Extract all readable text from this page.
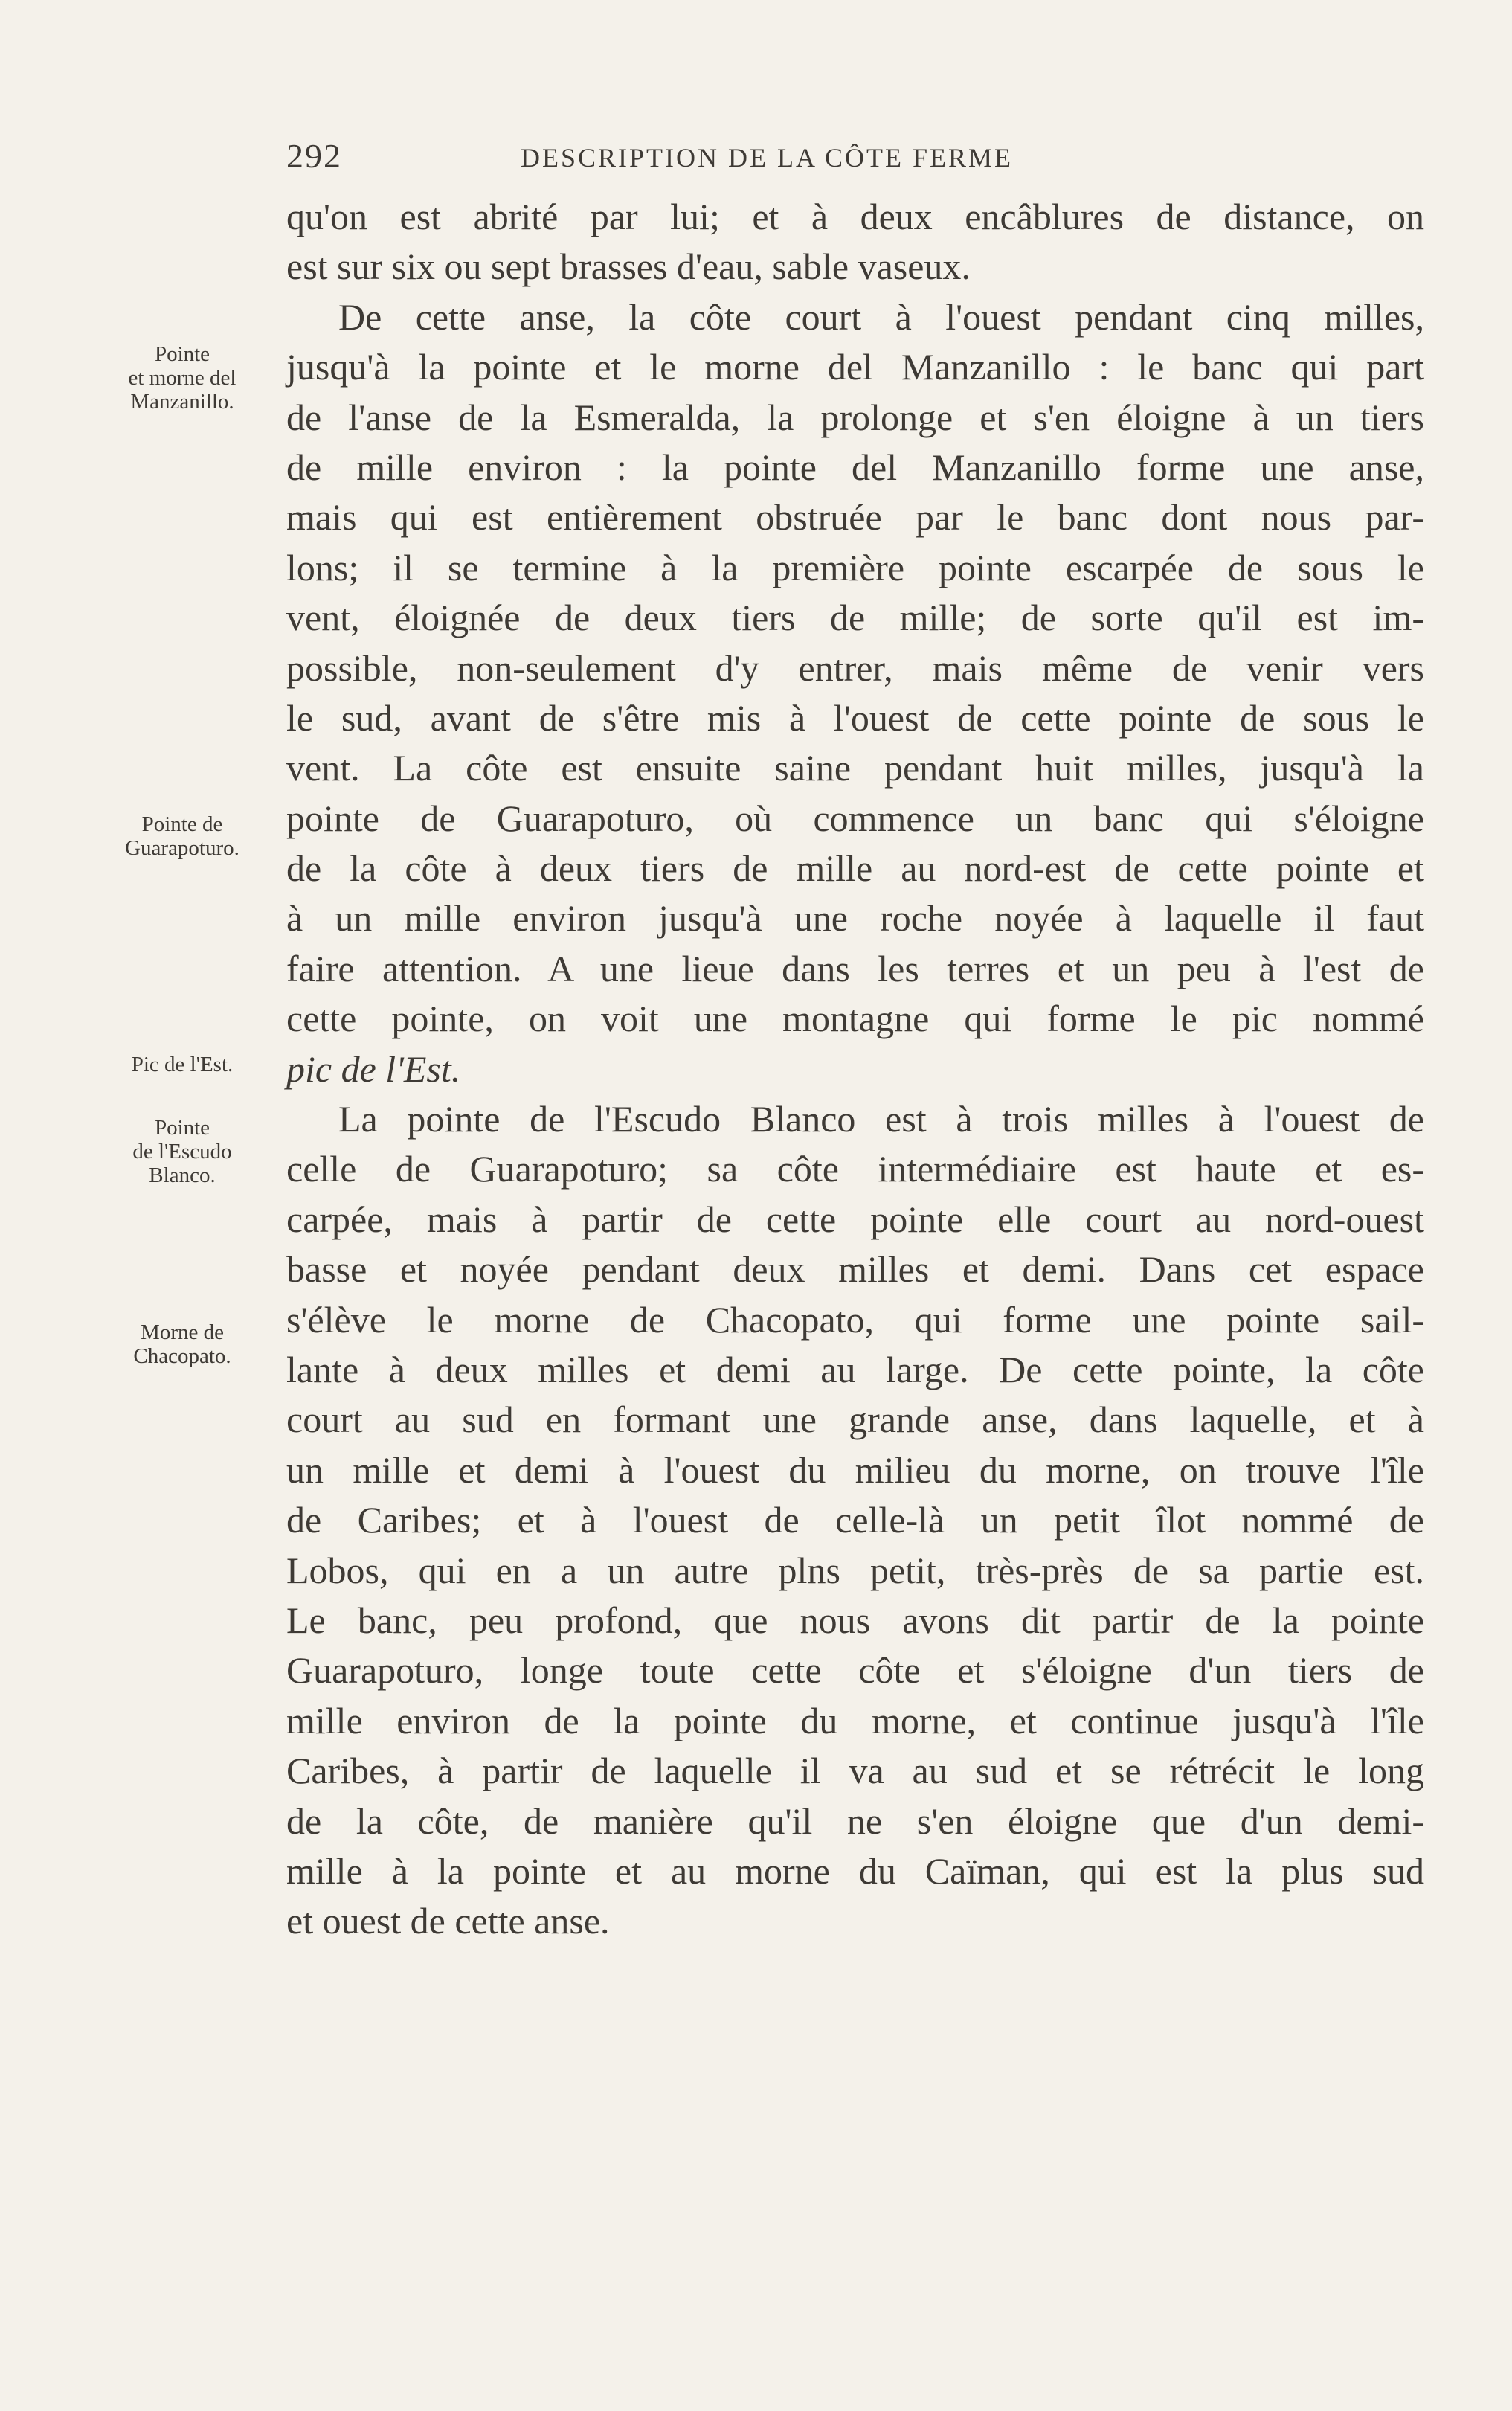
292	DESCRIPTION DE LA CÔTE FERME
Pointe
et morne del
Manzanillo.
Pointe de
Guarapoturo.
Pic de l'Est.
Pointe
de l'Escudo
Blanco.
Morne de
Chacopato.
qu'on est abrité par lui; et à deux encâblures de distance, on
est sur six ou sept brasses d'eau, sable vaseux.
De cette anse, la côte court à l'ouest pendant cinq milles,
jusqu'à la pointe et le morne del Manzanillo : le banc qui part
de l'anse de la Esmeralda, la prolonge et s'en éloigne à un tiers
de mille environ : la pointe del Manzanillo forme une anse,
mais qui est entièrement obstruée par le banc dont nous par-
lons; il se termine à la première pointe escarpée de sous le
vent, éloignée de deux tiers de mille; de sorte qu'il est im-
possible, non-seulement d'y entrer, mais même de venir vers
le sud, avant de s'être mis à l'ouest de cette pointe de sous le
vent. La côte est ensuite saine pendant huit milles, jusqu'à la
pointe de Guarapoturo, où commence un banc qui s'éloigne
de la côte à deux tiers de mille au nord-est de cette pointe et
à un mille environ jusqu'à une roche noyée à laquelle il faut
faire attention. A une lieue dans les terres et un peu à l'est de
cette pointe, on voit une montagne qui forme le pic nommé
pic de l'Est.
La pointe de l'Escudo Blanco est à trois milles à l'ouest de
celle de Guarapoturo; sa côte intermédiaire est haute et es-
carpée, mais à partir de cette pointe elle court au nord-ouest
basse et noyée pendant deux milles et demi. Dans cet espace
s'élève le morne de Chacopato, qui forme une pointe sail-
lante à deux milles et demi au large. De cette pointe, la côte
court au sud en formant une grande anse, dans laquelle, et à
un mille et demi à l'ouest du milieu du morne, on trouve l'île
de Caribes; et à l'ouest de celle-là un petit îlot nommé de
Lobos, qui en a un autre plns petit, très-près de sa partie est.
Le banc, peu profond, que nous avons dit partir de la pointe
Guarapoturo, longe toute cette côte et s'éloigne d'un tiers de
mille environ de la pointe du morne, et continue jusqu'à l'île
Caribes, à partir de laquelle il va au sud et se rétrécit le long
de la côte, de manière qu'il ne s'en éloigne que d'un demi-
mille à la pointe et au morne du Caïman, qui est la plus sud
et ouest de cette anse.
